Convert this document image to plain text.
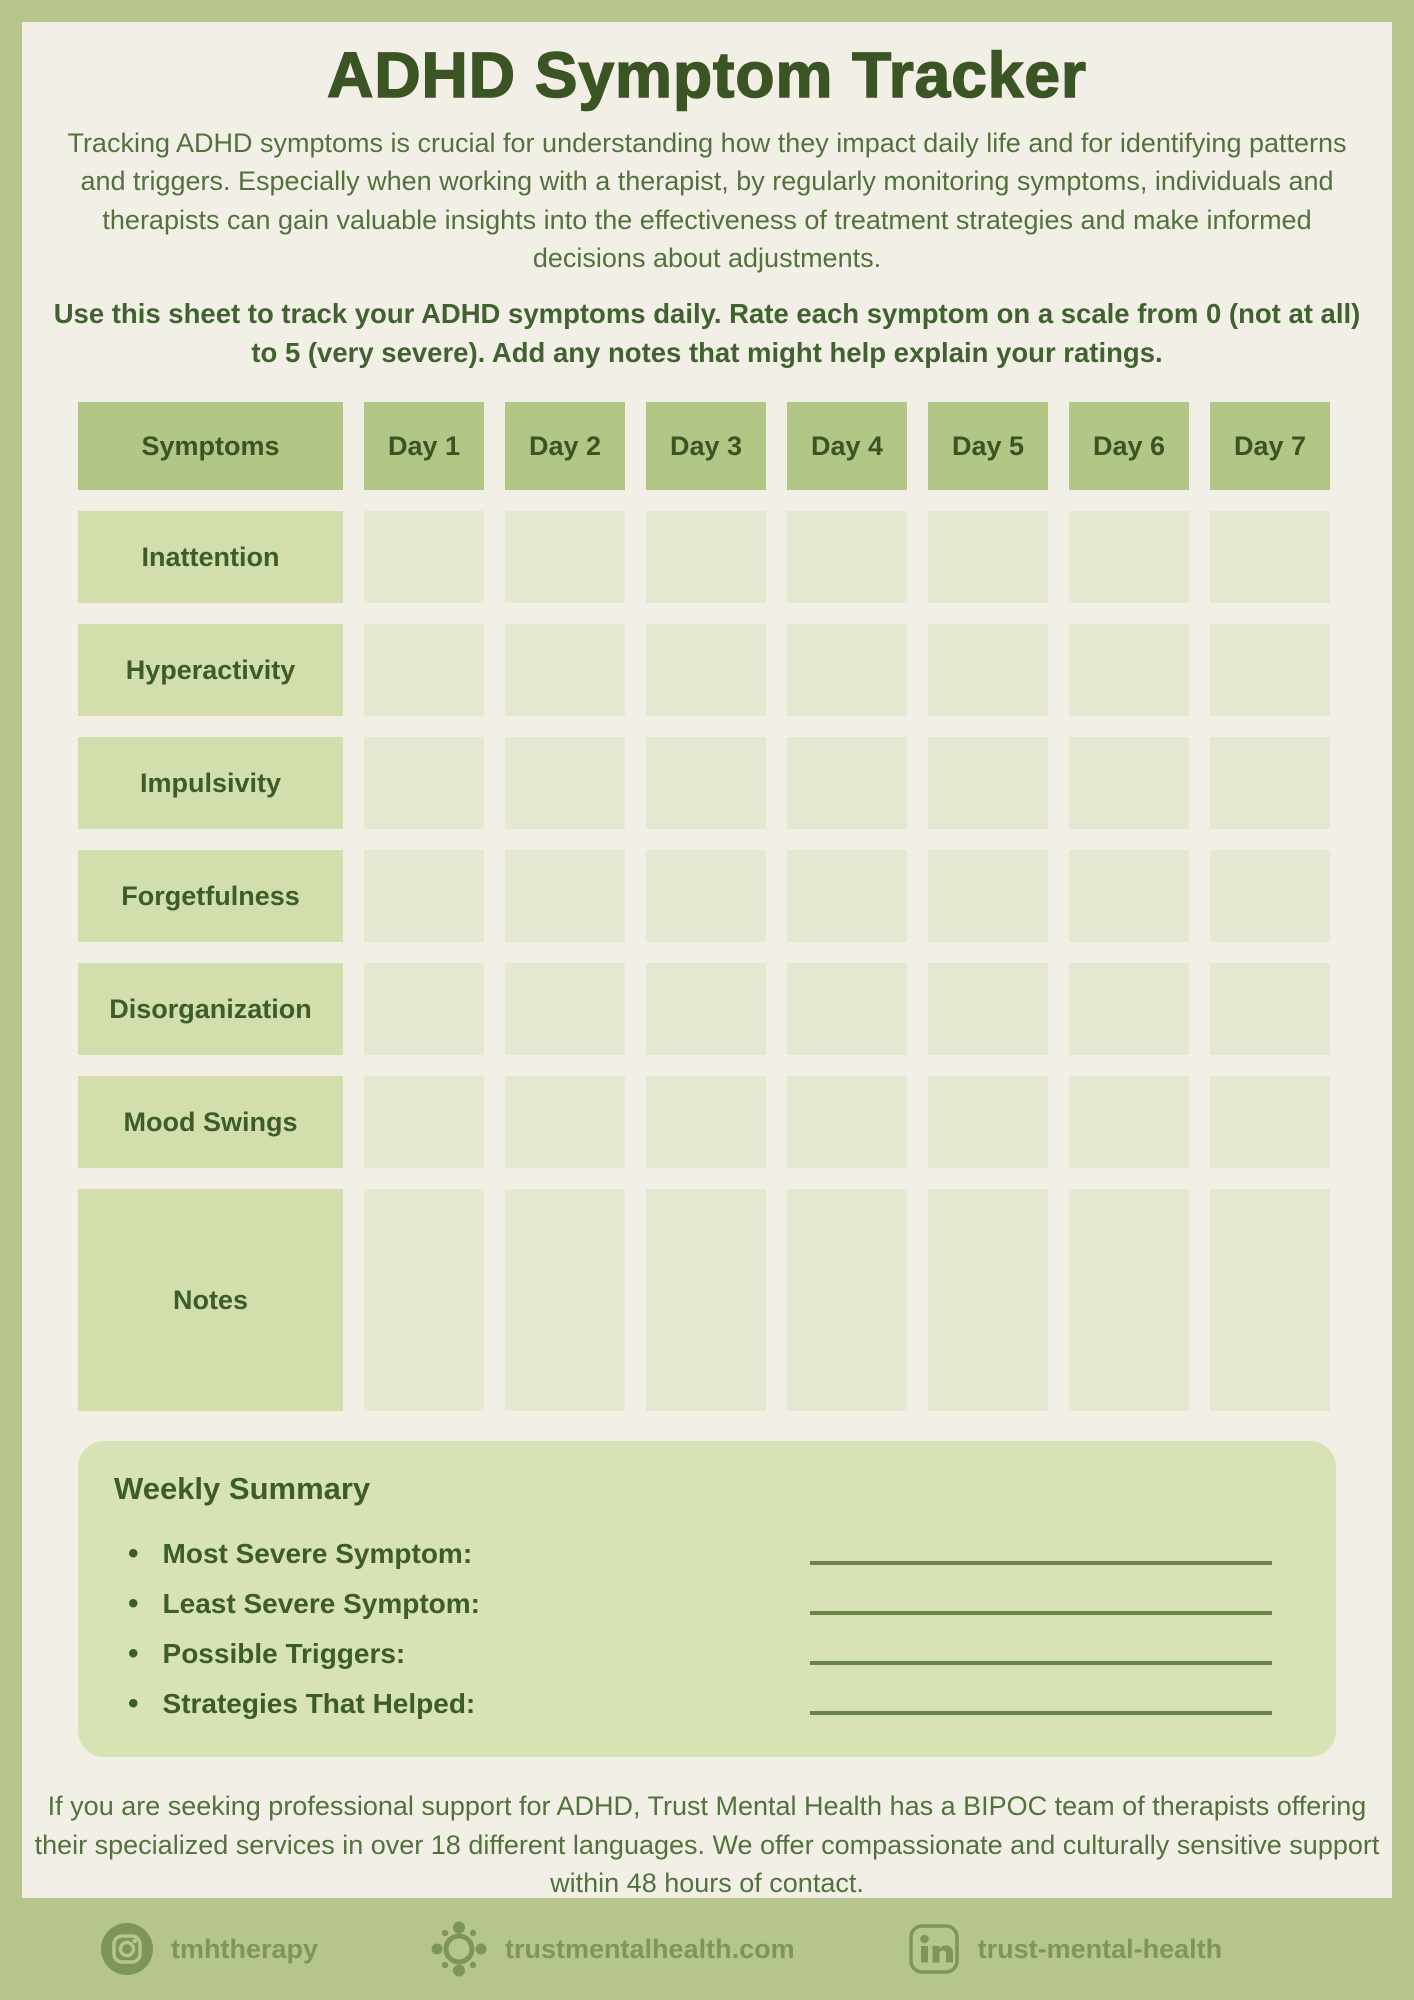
ADHD Symptom Tracker

Tracking ADHD symptoms is crucial for understanding how they impact daily life and for identifying patterns and triggers. Especially when working with a therapist, by regularly monitoring symptoms, individuals and therapists can gain valuable insights into the effectiveness of treatment strategies and make informed decisions about adjustments.

Use this sheet to track your ADHD symptoms daily. Rate each symptom on a scale from 0 (not at all) to 5 (very severe). Add any notes that might help explain your ratings.

Symptoms	Day 1	Day 2	Day 3	Day 4	Day 5	Day 6	Day 7
Inattention
Hyperactivity
Impulsivity
Forgetfulness
Disorganization
Mood Swings
Notes
Weekly Summary
• Most Severe Symptom:
• Least Severe Symptom:
• Possible Triggers:
• Strategies That Helped:

If you are seeking professional support for ADHD, Trust Mental Health has a BIPOC team of therapists offering their specialized services in over 18 different languages. We offer compassionate and culturally sensitive support within 48 hours of contact.

tmhtherapy	trustmentalhealth.com	trust-mental-health
